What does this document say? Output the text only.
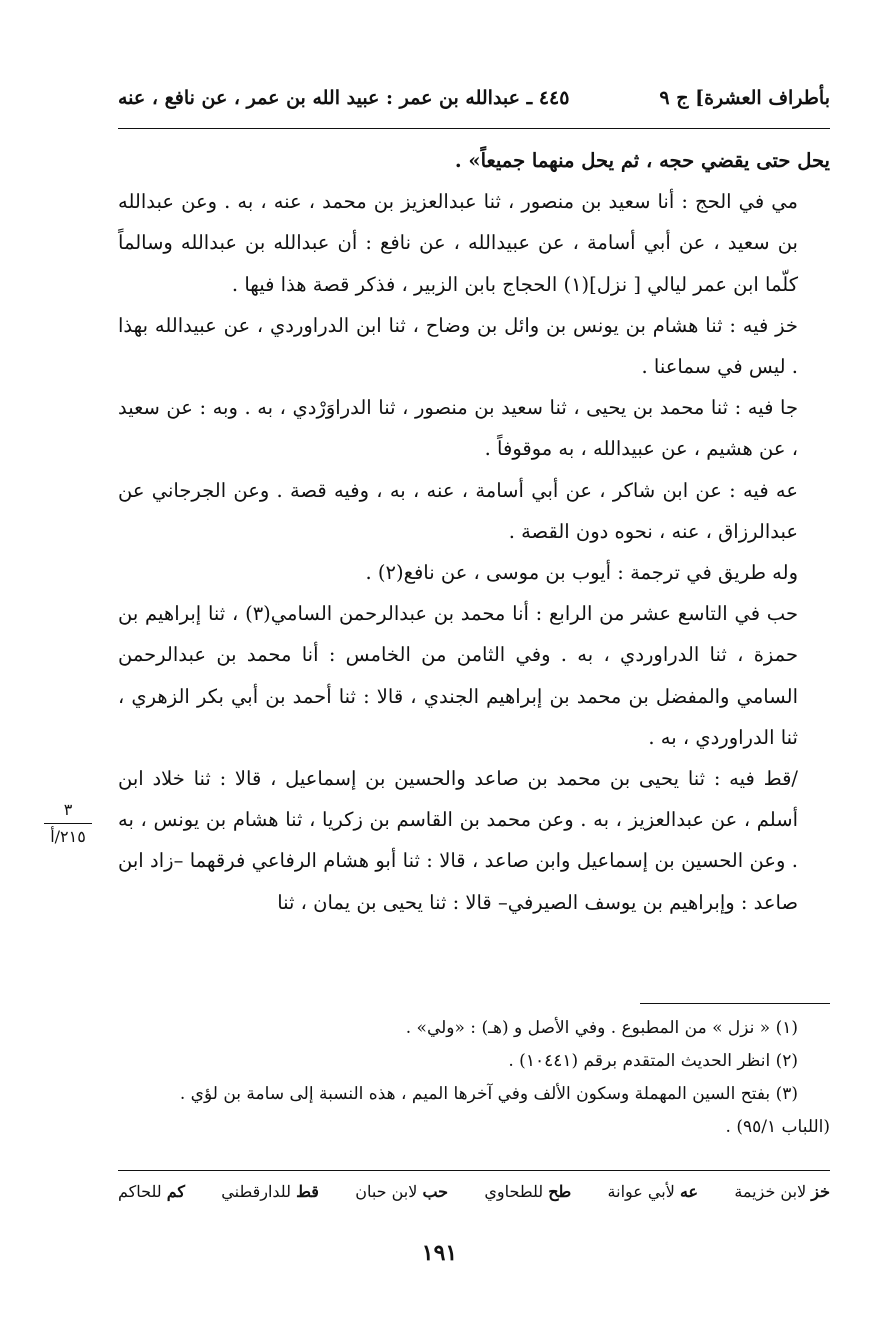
بأطراف العشرة] ج ٩
٤٤٥ ـ عبدالله بن عمر : عبيد الله بن عمر ، عن نافع ، عنه

يحل حتى يقضي حجه ، ثم يحل منهما جميعاً» .

مي في الحج : أنا سعيد بن منصور ، ثنا عبدالعزيز بن محمد ، عنه ، به . وعن عبدالله بن سعيد ، عن أبي أسامة ، عن عبيدالله ، عن نافع : أن عبدالله بن عبدالله وسالماً كلّما ابن عمر ليالي [ نزل](١) الحجاج بابن الزبير ، فذكر قصة هذا فيها .

خز فيه : ثنا هشام بن يونس بن وائل بن وضاح ، ثنا ابن الدراوردي ، عن عبيدالله بهذا . ليس في سماعنا .

جا فيه : ثنا محمد بن يحيى ، ثنا سعيد بن منصور ، ثنا الدراوَرْدي ، به . وبه : عن سعيد ، عن هشيم ، عن عبيدالله ، به موقوفاً .

عه فيه : عن ابن شاكر ، عن أبي أسامة ، عنه ، به ، وفيه قصة . وعن الجرجاني عن عبدالرزاق ، عنه ، نحوه دون القصة .

وله طريق في ترجمة : أيوب بن موسى ، عن نافع(٢) .

حب في التاسع عشر من الرابع : أنا محمد بن عبدالرحمن السامي(٣) ، ثنا إبراهيم بن حمزة ، ثنا الدراوردي ، به . وفي الثامن من الخامس : أنا محمد بن عبدالرحمن السامي والمفضل بن محمد بن إبراهيم الجندي ، قالا : ثنا أحمد بن أبي بكر الزهري ، ثنا الدراوردي ، به .

/قط فيه : ثنا يحيى بن محمد بن صاعد والحسين بن إسماعيل ، قالا : ثنا خلاد ابن أسلم ، عن عبدالعزيز ، به . وعن محمد بن القاسم بن زكريا ، ثنا هشام بن يونس ، به . وعن الحسين بن إسماعيل وابن صاعد ، قالا : ثنا أبو هشام الرفاعي فرقهما –زاد ابن صاعد : وإبراهيم بن يوسف الصيرفي– قالا : ثنا يحيى بن يمان ، ثنا

٣
٢١٥/أ

(١) « نزل » من المطبوع . وفي الأصل و (هـ) : «ولي» .

(٢) انظر الحديث المتقدم برقم (١٠٤٤١) .

(٣) بفتح السين المهملة وسكون الألف وفي آخرها الميم ، هذه النسبة إلى سامة بن لؤي .

(اللباب ٩٥/١) .

خز لابن خزيمة
عه لأبي عوانة
طح للطحاوي
حب لابن حبان
قط للدارقطني
كم للحاكم
١٩١
